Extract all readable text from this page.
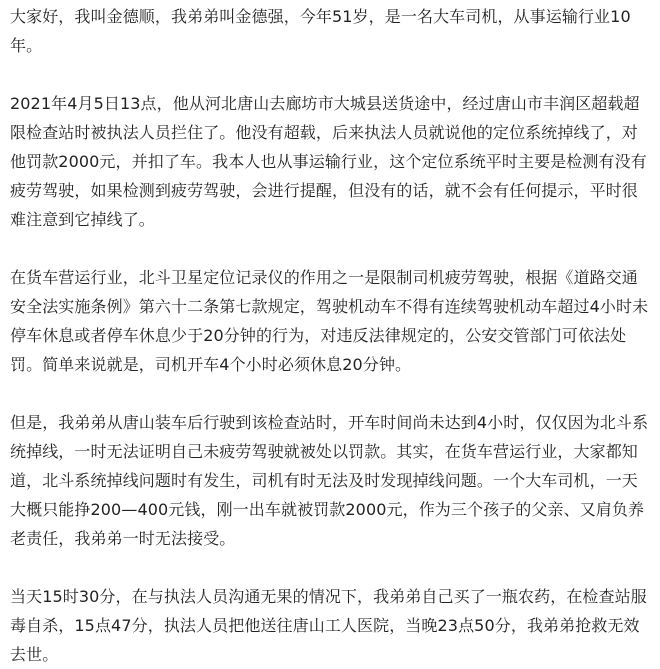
大家好，我叫金德顺，我弟弟叫金德强，今年51岁，是一名大车司机，从事运输行业10年。

2021年4月5日13点，他从河北唐山去廊坊市大城县送货途中，经过唐山市丰润区超载超限检查站时被执法人员拦住了。他没有超载，后来执法人员就说他的定位系统掉线了，对他罚款2000元，并扣了车。我本人也从事运输行业，这个定位系统平时主要是检测有没有疲劳驾驶，如果检测到疲劳驾驶，会进行提醒，但没有的话，就不会有任何提示，平时很难注意到它掉线了。

在货车营运行业，北斗卫星定位记录仪的作用之一是限制司机疲劳驾驶，根据《道路交通安全法实施条例》第六十二条第七款规定，驾驶机动车不得有连续驾驶机动车超过4小时未停车休息或者停车休息少于20分钟的行为，对违反法律规定的，公安交管部门可依法处罚。简单来说就是，司机开车4个小时必须休息20分钟。

但是，我弟弟从唐山装车后行驶到该检查站时，开车时间尚未达到4小时，仅仅因为北斗系统掉线，一时无法证明自己未疲劳驾驶就被处以罚款。其实，在货车营运行业，大家都知道，北斗系统掉线问题时有发生，司机有时无法及时发现掉线问题。一个大车司机，一天大概只能挣200—400元钱，刚一出车就被罚款2000元，作为三个孩子的父亲、又肩负养老责任，我弟弟一时无法接受。

当天15时30分，在与执法人员沟通无果的情况下，我弟弟自己买了一瓶农药，在检查站服毒自杀，15点47分，执法人员把他送往唐山工人医院，当晚23点50分，我弟弟抢救无效去世。
